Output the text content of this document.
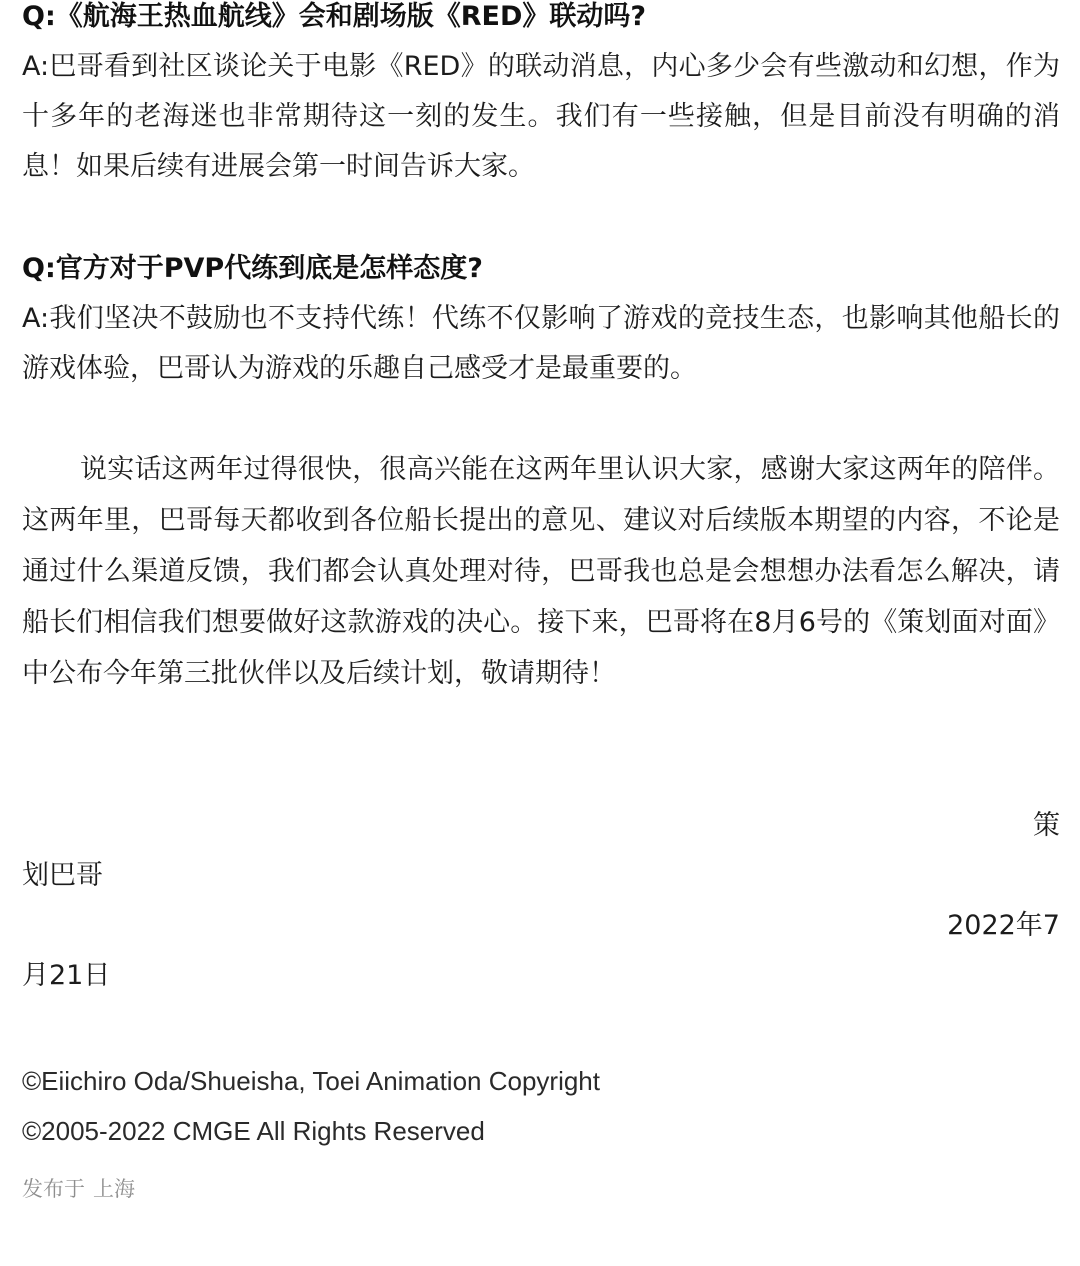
Q:《航海王热血航线》会和剧场版《RED》联动吗?

A:巴哥看到社区谈论关于电影《RED》的联动消息，内心多少会有些激动和幻想，作为十多年的老海迷也非常期待这一刻的发生。我们有一些接触，但是目前没有明确的消息！如果后续有进展会第一时间告诉大家。

Q:官方对于PVP代练到底是怎样态度?

A:我们坚决不鼓励也不支持代练！代练不仅影响了游戏的竞技生态，也影响其他船长的游戏体验，巴哥认为游戏的乐趣自己感受才是最重要的。

说实话这两年过得很快，很高兴能在这两年里认识大家，感谢大家这两年的陪伴。这两年里，巴哥每天都收到各位船长提出的意见、建议对后续版本期望的内容，不论是通过什么渠道反馈，我们都会认真处理对待，巴哥我也总是会想想办法看怎么解决，请船长们相信我们想要做好这款游戏的决心。接下来，巴哥将在8月6号的《策划面对面》中公布今年第三批伙伴以及后续计划，敬请期待！

策

划巴哥

2022年7

月21日

©Eiichiro Oda/Shueisha, Toei Animation Copyright

©2005-2022 CMGE All Rights Reserved

发布于 上海
